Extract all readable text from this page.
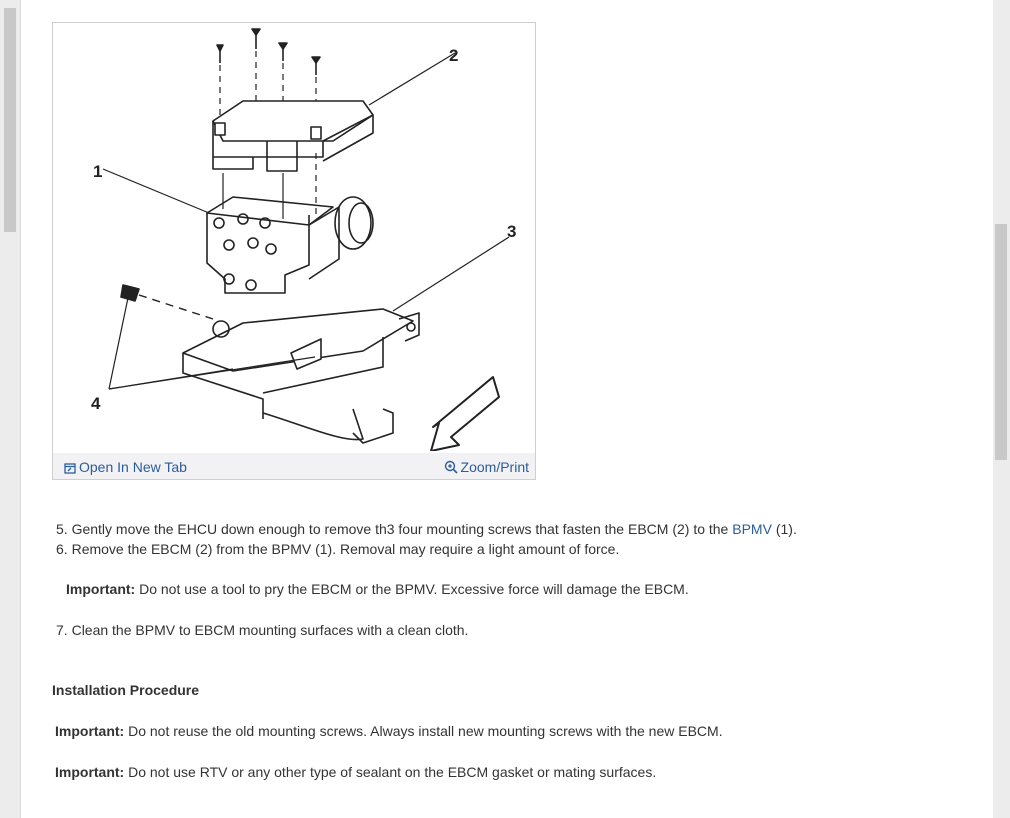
1
2
3
4
Open In New Tab	Zoom/Print
5. Gently move the EHCU down enough to remove th3 four mounting screws that fasten the EBCM (2) to the BPMV (1).
6. Remove the EBCM (2) from the BPMV (1). Removal may require a light amount of force.
Important: Do not use a tool to pry the EBCM or the BPMV. Excessive force will damage the EBCM.
7. Clean the BPMV to EBCM mounting surfaces with a clean cloth.
Installation Procedure
Important: Do not reuse the old mounting screws. Always install new mounting screws with the new EBCM.
Important: Do not use RTV or any other type of sealant on the EBCM gasket or mating surfaces.
